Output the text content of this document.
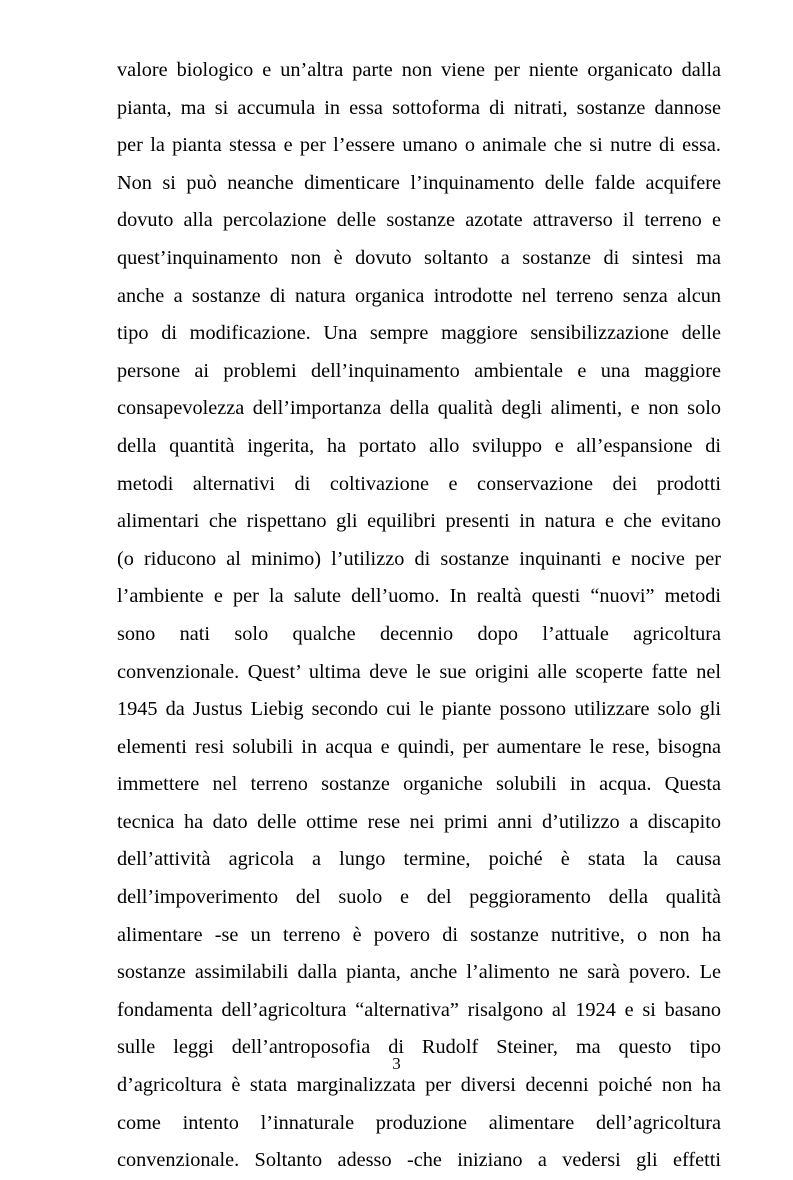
valore biologico e un’altra parte non viene per niente organicato dalla
pianta, ma si accumula in essa sottoforma di nitrati, sostanze dannose
per la pianta stessa e per l’essere umano o animale che si nutre di essa.
Non si può neanche dimenticare l’inquinamento delle falde acquifere
dovuto alla percolazione delle sostanze azotate attraverso il terreno e
quest’inquinamento non è dovuto soltanto a sostanze di sintesi ma
anche a sostanze di natura organica introdotte nel terreno senza alcun
tipo di modificazione. Una sempre maggiore sensibilizzazione delle
persone ai problemi dell’inquinamento ambientale e una maggiore
consapevolezza dell’importanza della qualità degli alimenti, e non solo
della quantità ingerita, ha portato allo sviluppo e all’espansione di
metodi alternativi di coltivazione e conservazione dei prodotti
alimentari che rispettano gli equilibri presenti in natura e che evitano
(o riducono al minimo) l’utilizzo di sostanze inquinanti e nocive per
l’ambiente e per la salute dell’uomo. In realtà questi “nuovi” metodi
sono nati solo qualche decennio dopo l’attuale agricoltura
convenzionale. Quest’ ultima deve le sue origini alle scoperte fatte nel
1945 da Justus Liebig secondo cui le piante possono utilizzare solo gli
elementi resi solubili in acqua e quindi, per aumentare le rese, bisogna
immettere nel terreno sostanze organiche solubili in acqua. Questa
tecnica ha dato delle ottime rese nei primi anni d’utilizzo a discapito
dell’attività agricola a lungo termine, poiché è stata la causa
dell’impoverimento del suolo e del peggioramento della qualità
alimentare -se un terreno è povero di sostanze nutritive, o non ha
sostanze assimilabili dalla pianta, anche l’alimento ne sarà povero. Le
fondamenta dell’agricoltura “alternativa” risalgono al 1924 e si basano
sulle leggi dell’antroposofia di Rudolf Steiner, ma questo tipo
d’agricoltura è stata marginalizzata per diversi decenni poiché non ha
come intento l’innaturale produzione alimentare dell’agricoltura
convenzionale. Soltanto adesso -che iniziano a vedersi gli effetti
3
